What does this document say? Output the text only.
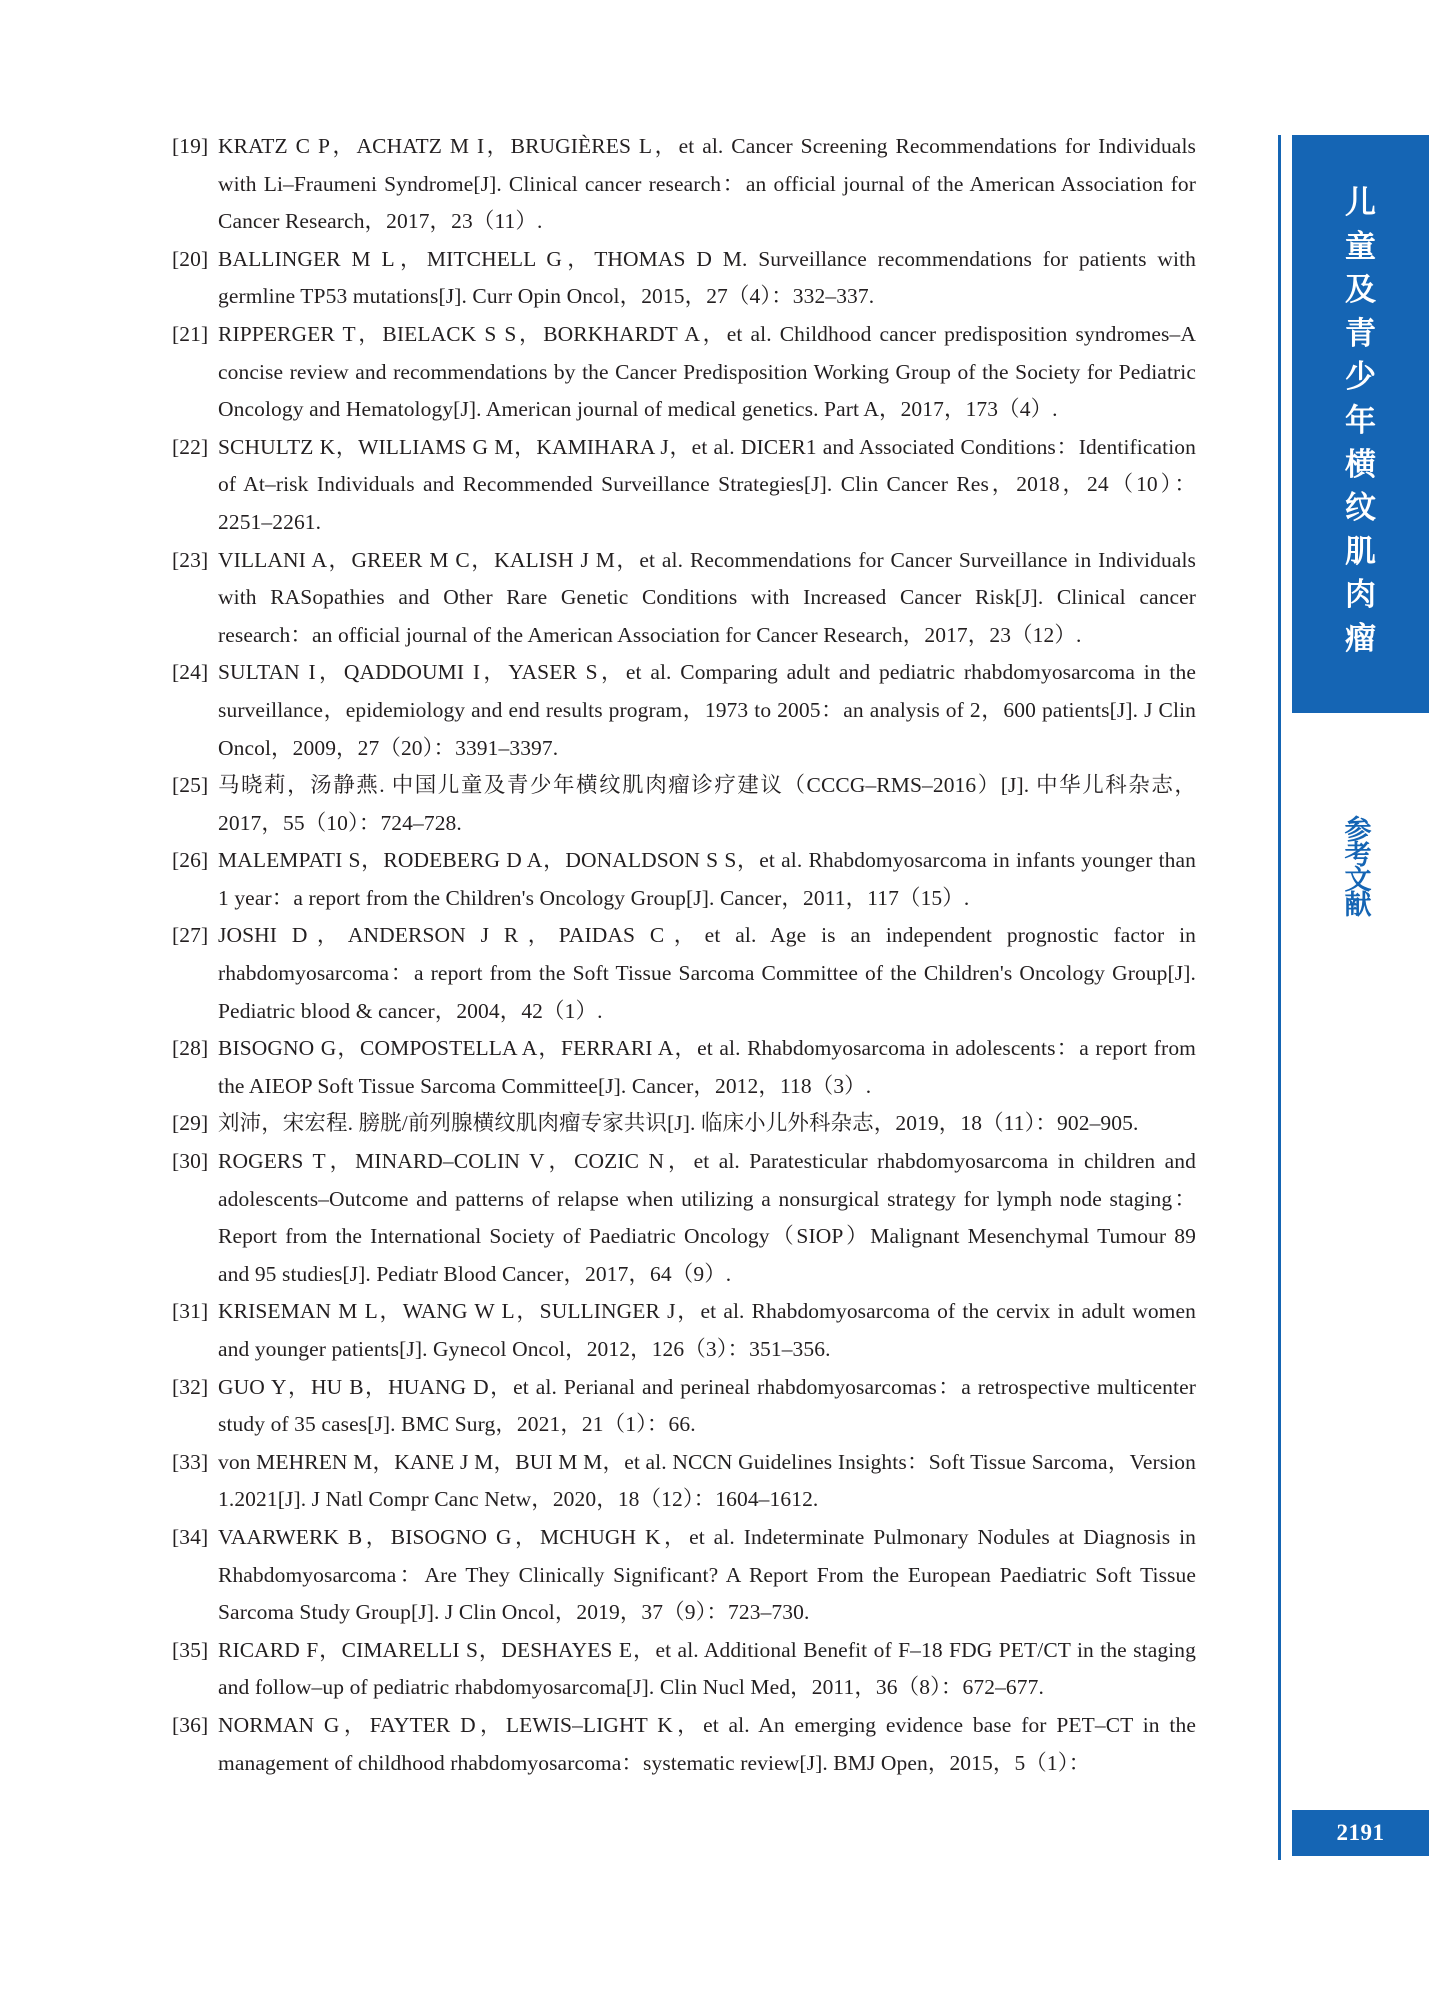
[19] KRATZ C P，ACHATZ M I，BRUGIÈRES L，et al. Cancer Screening Recommendations for Individuals with Li–Fraumeni Syndrome[J]. Clinical cancer research：an official journal of the American Association for Cancer Research，2017，23（11）.
[20] BALLINGER M L，MITCHELL G，THOMAS D M. Surveillance recommendations for patients with germline TP53 mutations[J]. Curr Opin Oncol，2015，27（4）：332–337.
[21] RIPPERGER T，BIELACK S S，BORKHARDT A，et al. Childhood cancer predisposition syndromes–A concise review and recommendations by the Cancer Predisposition Working Group of the Society for Pediatric Oncology and Hematology[J]. American journal of medical genetics. Part A，2017，173（4）.
[22] SCHULTZ K，WILLIAMS G M，KAMIHARA J，et al. DICER1 and Associated Conditions：Identification of At–risk Individuals and Recommended Surveillance Strategies[J]. Clin Cancer Res，2018，24（10）：2251–2261.
[23] VILLANI A，GREER M C，KALISH J M，et al. Recommendations for Cancer Surveillance in Individuals with RASopathies and Other Rare Genetic Conditions with Increased Cancer Risk[J]. Clinical cancer research：an official journal of the American Association for Cancer Research，2017，23（12）.
[24] SULTAN I，QADDOUMI I，YASER S，et al. Comparing adult and pediatric rhabdomyosarcoma in the surveillance，epidemiology and end results program，1973 to 2005：an analysis of 2，600 patients[J]. J Clin Oncol，2009，27（20）：3391–3397.
[25] 马晓莉，汤静燕. 中国儿童及青少年横纹肌肉瘤诊疗建议（CCCG–RMS–2016）[J]. 中华儿科杂志，2017，55（10）：724–728.
[26] MALEMPATI S，RODEBERG D A，DONALDSON S S，et al. Rhabdomyosarcoma in infants younger than 1 year：a report from the Children's Oncology Group[J]. Cancer，2011，117（15）.
[27] JOSHI D，ANDERSON J R，PAIDAS C，et al. Age is an independent prognostic factor in rhabdomyosarcoma：a report from the Soft Tissue Sarcoma Committee of the Children's Oncology Group[J]. Pediatric blood & cancer，2004，42（1）.
[28] BISOGNO G，COMPOSTELLA A，FERRARI A，et al. Rhabdomyosarcoma in adolescents：a report from the AIEOP Soft Tissue Sarcoma Committee[J]. Cancer，2012，118（3）.
[29] 刘沛，宋宏程. 膀胱/前列腺横纹肌肉瘤专家共识[J]. 临床小儿外科杂志，2019，18（11）：902–905.
[30] ROGERS T，MINARD–COLIN V，COZIC N，et al. Paratesticular rhabdomyosarcoma in children and adolescents–Outcome and patterns of relapse when utilizing a nonsurgical strategy for lymph node staging：Report from the International Society of Paediatric Oncology（SIOP）Malignant Mesenchymal Tumour 89 and 95 studies[J]. Pediatr Blood Cancer，2017，64（9）.
[31] KRISEMAN M L，WANG W L，SULLINGER J，et al. Rhabdomyosarcoma of the cervix in adult women and younger patients[J]. Gynecol Oncol，2012，126（3）：351–356.
[32] GUO Y，HU B，HUANG D，et al. Perianal and perineal rhabdomyosarcomas：a retrospective multicenter study of 35 cases[J]. BMC Surg，2021，21（1）：66.
[33] von MEHREN M，KANE J M，BUI M M，et al. NCCN Guidelines Insights：Soft Tissue Sarcoma，Version 1.2021[J]. J Natl Compr Canc Netw，2020，18（12）：1604–1612.
[34] VAARWERK B，BISOGNO G，MCHUGH K，et al. Indeterminate Pulmonary Nodules at Diagnosis in Rhabdomyosarcoma：Are They Clinically Significant? A Report From the European Paediatric Soft Tissue Sarcoma Study Group[J]. J Clin Oncol，2019，37（9）：723–730.
[35] RICARD F，CIMARELLI S，DESHAYES E，et al. Additional Benefit of F–18 FDG PET/CT in the staging and follow–up of pediatric rhabdomyosarcoma[J]. Clin Nucl Med，2011，36（8）：672–677.
[36] NORMAN G，FAYTER D，LEWIS–LIGHT K，et al. An emerging evidence base for PET–CT in the management of childhood rhabdomyosarcoma：systematic review[J]. BMJ Open，2015，5（1）：
儿
童
及
青
少
年
横
纹
肌
肉
瘤
参
考
文
献
2191
